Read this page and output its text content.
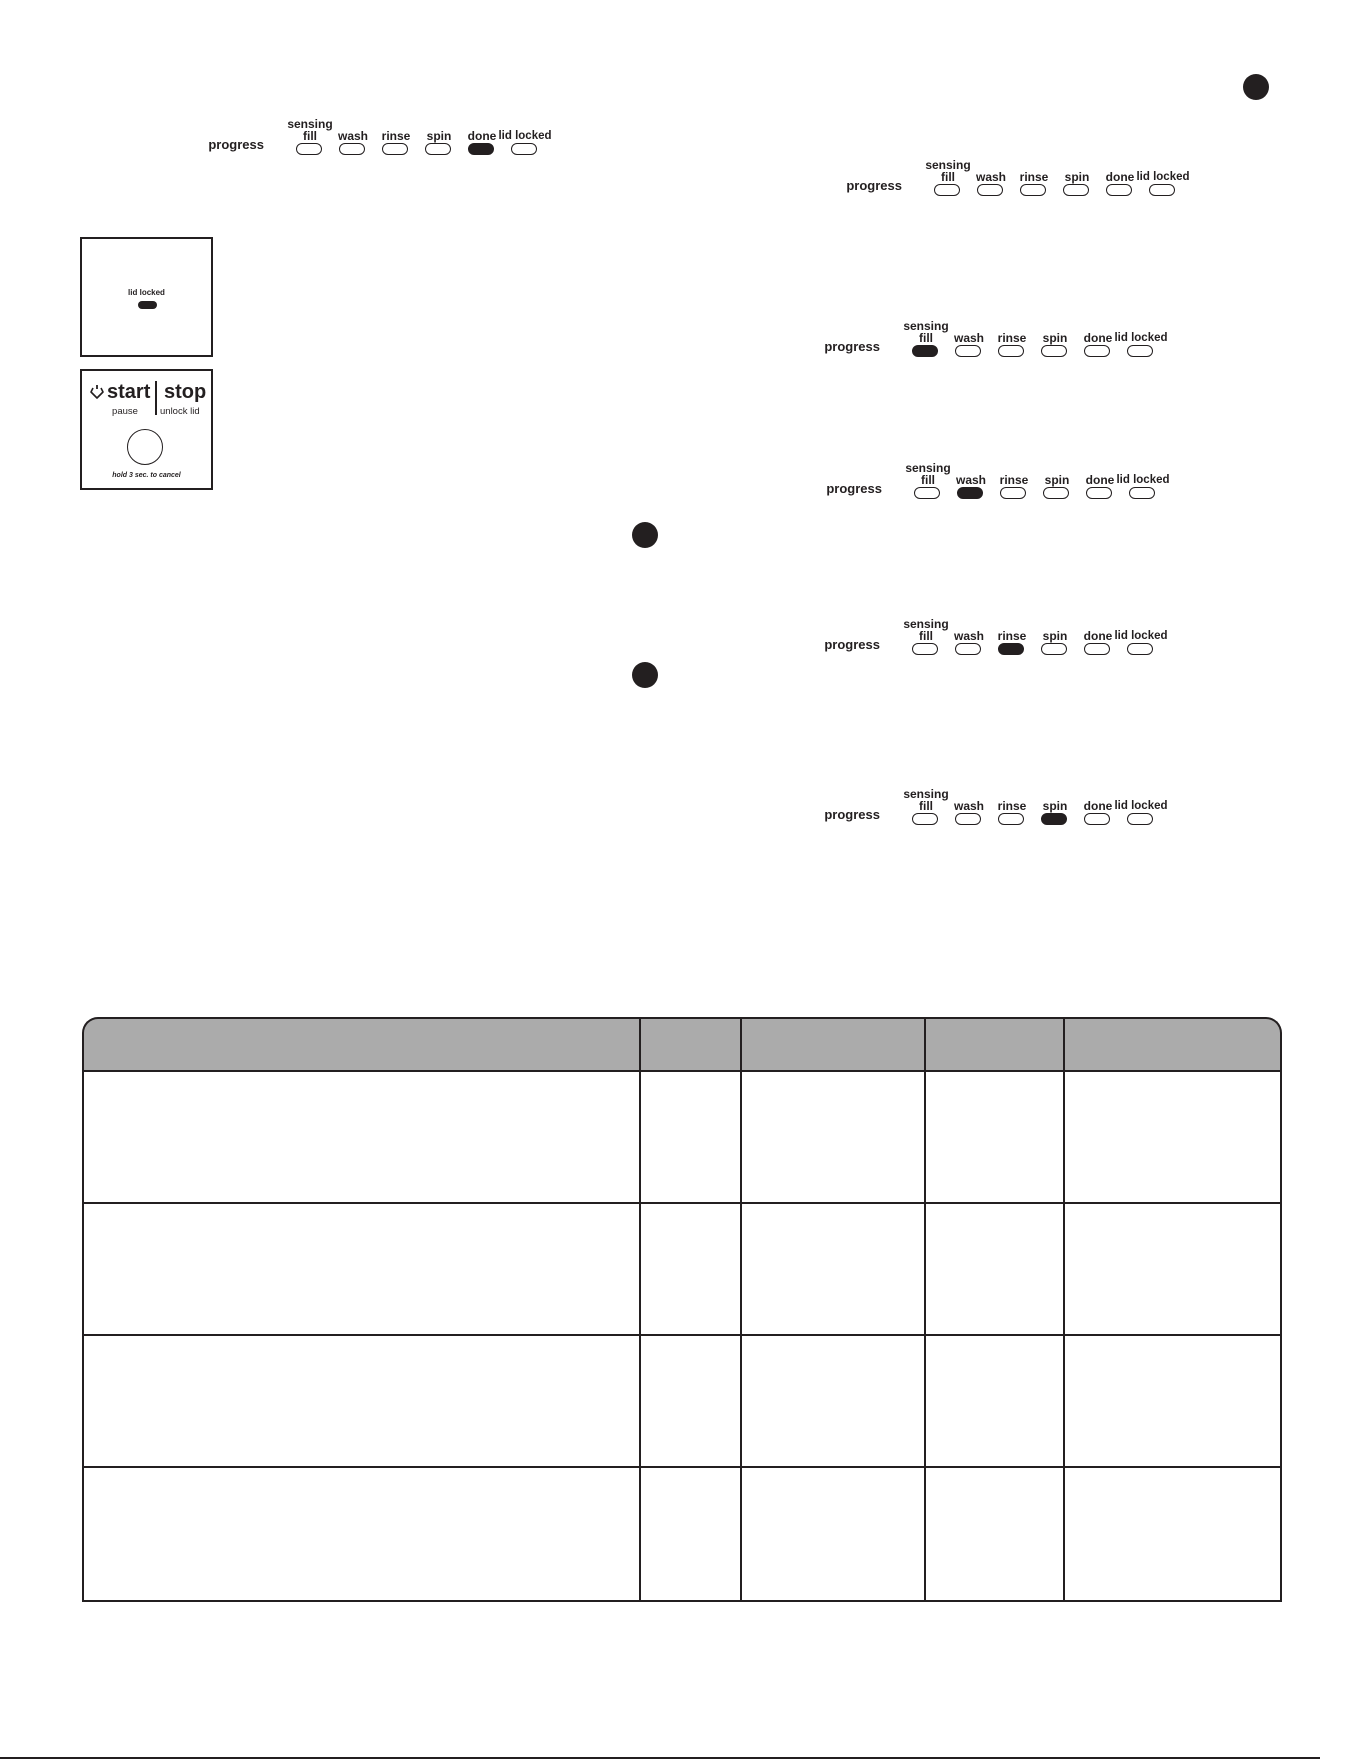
progress
sensing
fill	wash	rinse	spin	done lid locked
progress
sensing
fill	wash	rinse	spin	done lid locked
progress
sensing
fill	wash	rinse	spin	done lid locked
progress
sensing
fill	wash	rinse	spin	done lid locked
progress
sensing
fill	wash	rinse	spin	done lid locked
progress
sensing
fill	wash	rinse	spin	done lid locked
lid locked
start stop
pause	unlock lid
hold 3 sec. to cancel
